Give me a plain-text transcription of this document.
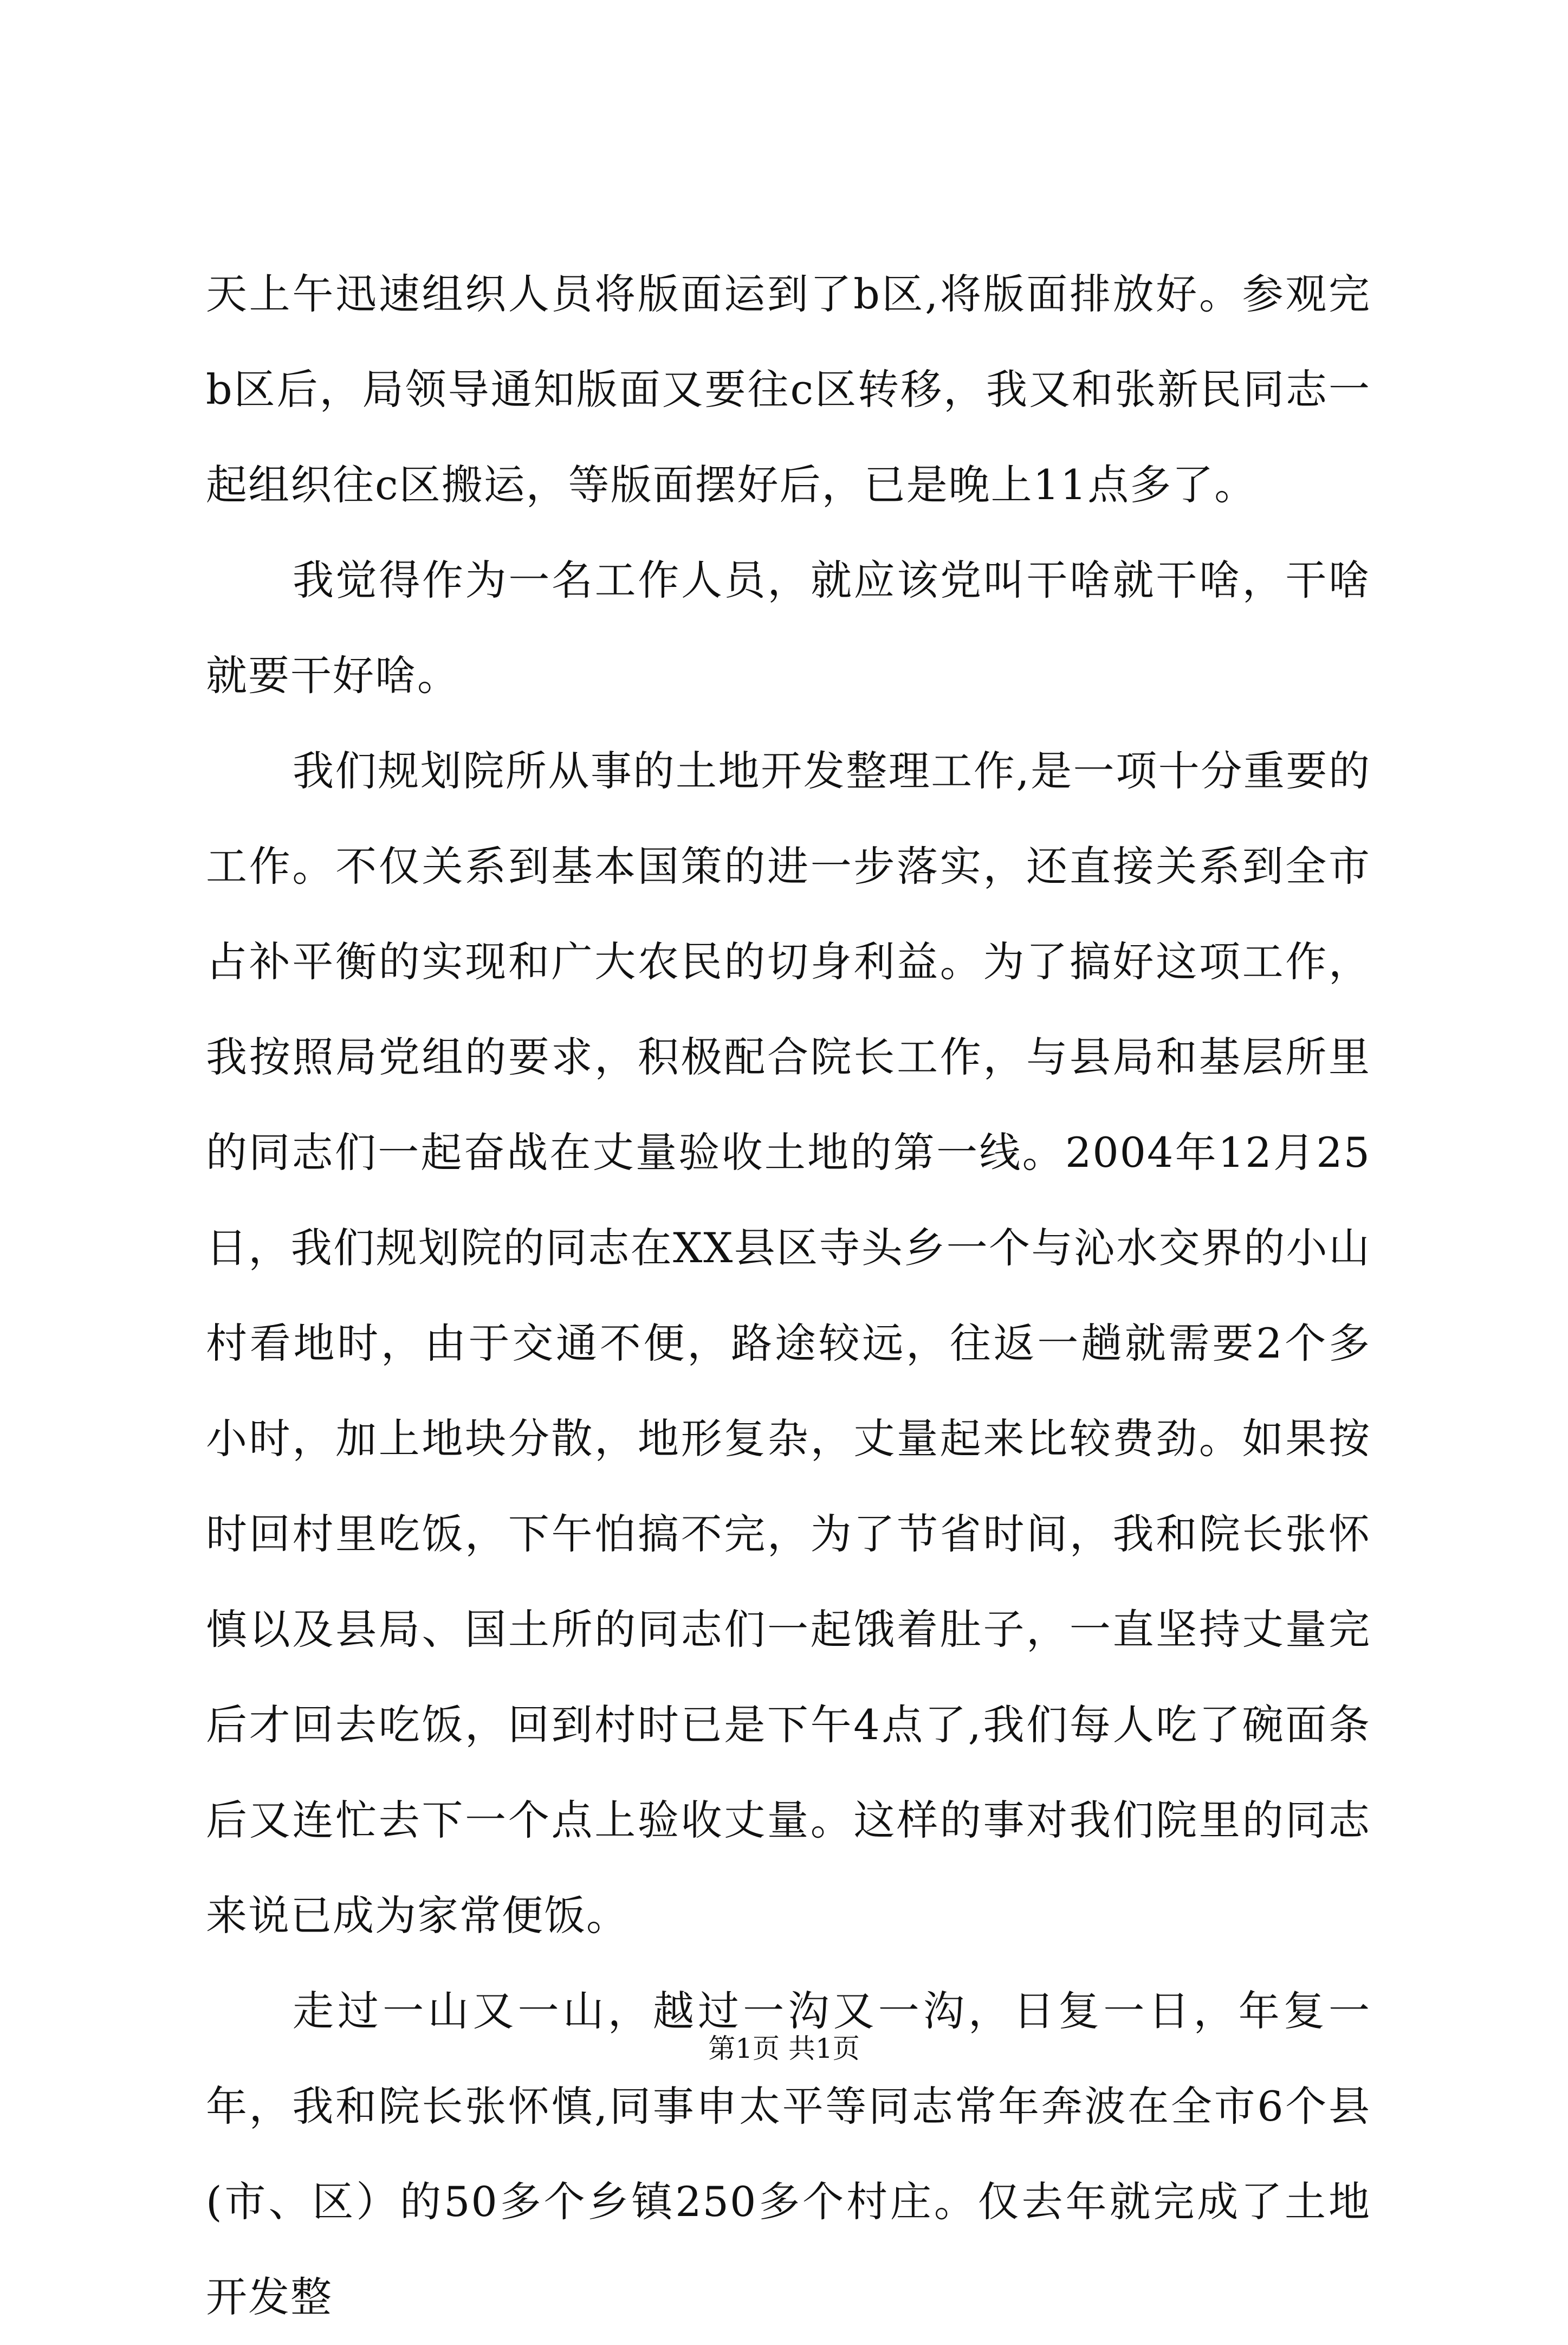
天上午迅速组织人员将版面运到了b区,将版面排放好。参观完b区后，局领导通知版面又要往c区转移，我又和张新民同志一起组织往c区搬运，等版面摆好后，已是晚上11点多了。

我觉得作为一名工作人员，就应该党叫干啥就干啥，干啥就要干好啥。

我们规划院所从事的土地开发整理工作,是一项十分重要的工作。不仅关系到基本国策的进一步落实，还直接关系到全市占补平衡的实现和广大农民的切身利益。为了搞好这项工作，我按照局党组的要求，积极配合院长工作，与县局和基层所里的同志们一起奋战在丈量验收土地的第一线。2004年12月25日，我们规划院的同志在XX县区寺头乡一个与沁水交界的小山村看地时，由于交通不便，路途较远，往返一趟就需要2个多小时，加上地块分散，地形复杂，丈量起来比较费劲。如果按时回村里吃饭，下午怕搞不完，为了节省时间，我和院长张怀慎以及县局、国土所的同志们一起饿着肚子，一直坚持丈量完后才回去吃饭，回到村时已是下午4点了,我们每人吃了碗面条后又连忙去下一个点上验收丈量。这样的事对我们院里的同志来说已成为家常便饭。

走过一山又一山，越过一沟又一沟，日复一日，年复一年，我和院长张怀慎,同事申太平等同志常年奔波在全市6个县(市、区）的50多个乡镇250多个村庄。仅去年就完成了土地开发整

第1页 共1页
